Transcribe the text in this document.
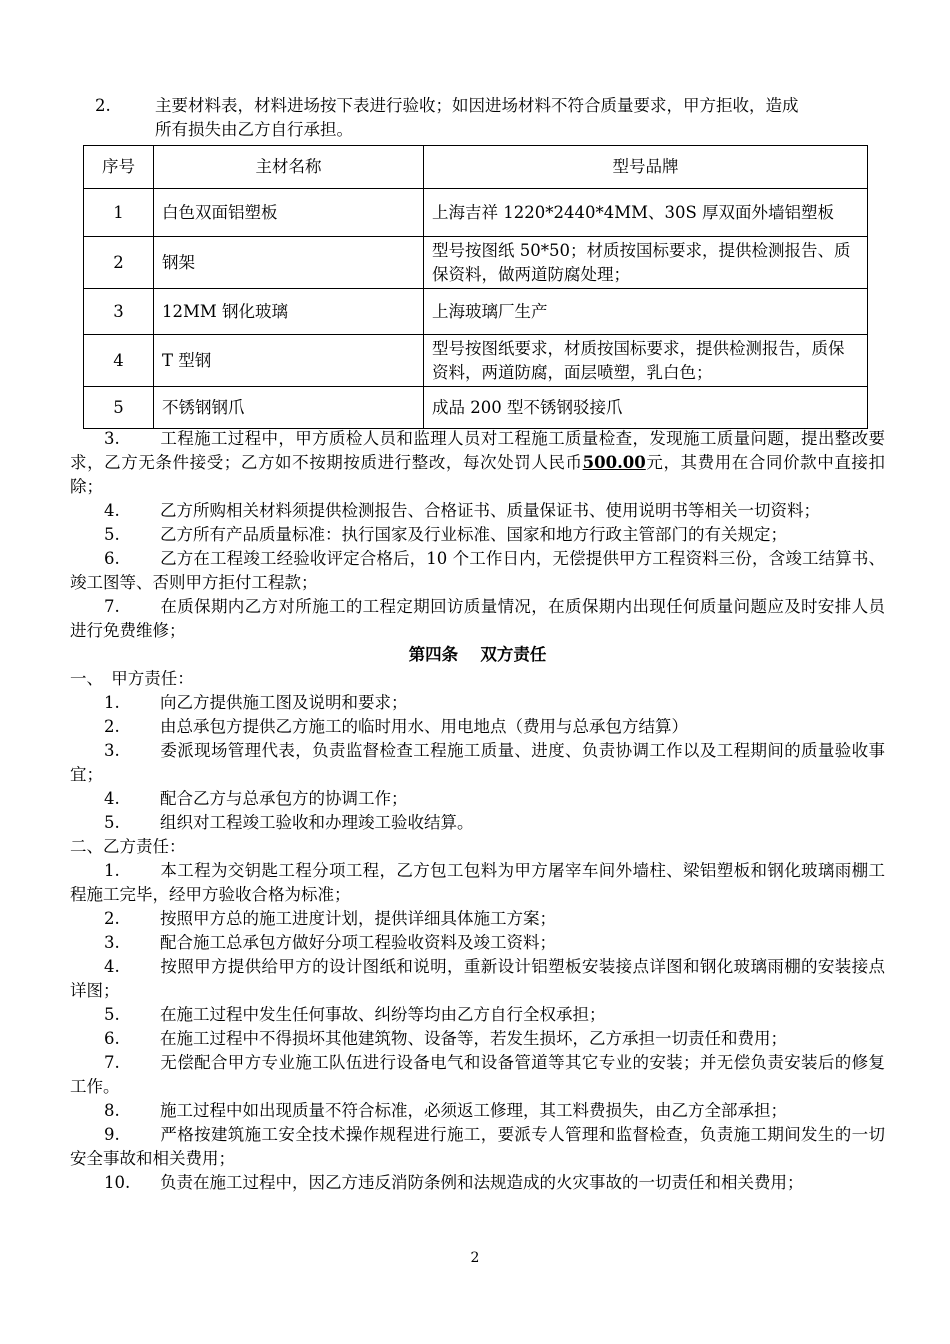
2.	主要材料表，材料进场按下表进行验收；如因进场材料不符合质量要求，甲方拒收，造成
所有损失由乙方自行承担。
序号	主材名称	型号品牌
1	白色双面铝塑板	上海吉祥 1220*2440*4MM、30S 厚双面外墙铝塑板
2	钢架	型号按图纸 50*50；材质按国标要求，提供检测报告、质保资料，做两道防腐处理；
3	12MM 钢化玻璃	上海玻璃厂生产
4	T 型钢	型号按图纸要求，材质按国标要求，提供检测报告，质保资料，两道防腐，面层喷塑，乳白色；
5	不锈钢钢爪	成品 200 型不锈钢驳接爪

3. 工程施工过程中，甲方质检人员和监理人员对工程施工质量检查，发现施工质量问题，提出整改要求，乙方无条件接受；乙方如不按期按质进行整改，每次处罚人民币500.00元，其费用在合同价款中直接扣除；

4. 乙方所购相关材料须提供检测报告、合格证书、质量保证书、使用说明书等相关一切资料；

5. 乙方所有产品质量标准：执行国家及行业标准、国家和地方行政主管部门的有关规定；

6. 乙方在工程竣工经验收评定合格后，10 个工作日内，无偿提供甲方工程资料三份，含竣工结算书、竣工图等、否则甲方拒付工程款；

7. 在质保期内乙方对所施工的工程定期回访质量情况，在质保期内出现任何质量问题应及时安排人员进行免费维修；

第四条　 双方责任

一、　甲方责任：

1. 向乙方提供施工图及说明和要求；

2. 由总承包方提供乙方施工的临时用水、用电地点（费用与总承包方结算）

3. 委派现场管理代表，负责监督检查工程施工质量、进度、负责协调工作以及工程期间的质量验收事宜；

4. 配合乙方与总承包方的协调工作；

5. 组织对工程竣工验收和办理竣工验收结算。

二、乙方责任：

1. 本工程为交钥匙工程分项工程，乙方包工包料为甲方屠宰车间外墙柱、梁铝塑板和钢化玻璃雨棚工程施工完毕，经甲方验收合格为标准；

2. 按照甲方总的施工进度计划，提供详细具体施工方案；

3. 配合施工总承包方做好分项工程验收资料及竣工资料；

4. 按照甲方提供给甲方的设计图纸和说明，重新设计铝塑板安装接点详图和钢化玻璃雨棚的安装接点详图；

5. 在施工过程中发生任何事故、纠纷等均由乙方自行全权承担；

6. 在施工过程中不得损坏其他建筑物、设备等，若发生损坏，乙方承担一切责任和费用；

7. 无偿配合甲方专业施工队伍进行设备电气和设备管道等其它专业的安装；并无偿负责安装后的修复工作。

8. 施工过程中如出现质量不符合标准，必须返工修理，其工料费损失，由乙方全部承担；

9. 严格按建筑施工安全技术操作规程进行施工，要派专人管理和监督检查，负责施工期间发生的一切安全事故和相关费用；

10. 负责在施工过程中，因乙方违反消防条例和法规造成的火灾事故的一切责任和相关费用；

2
